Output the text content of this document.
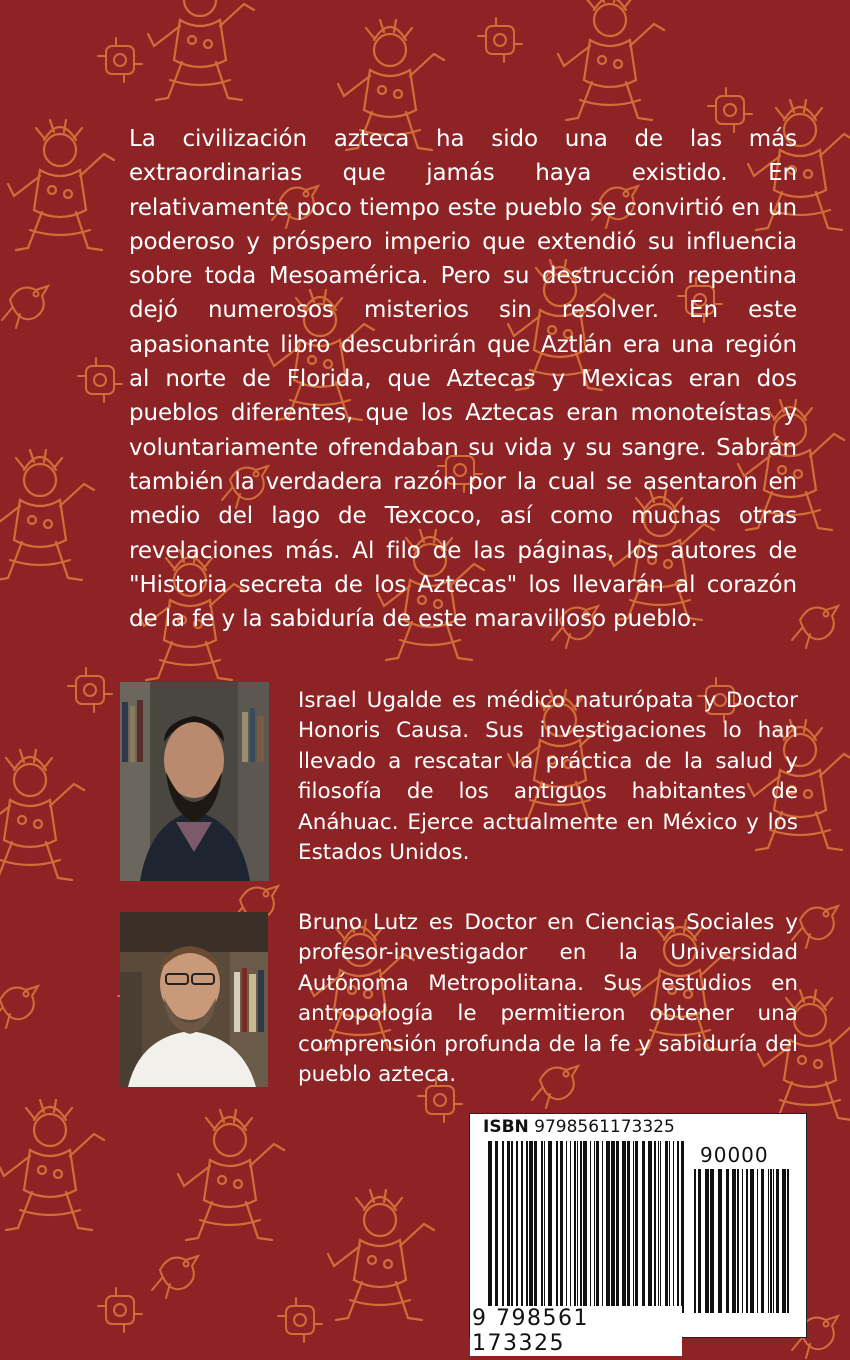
La civilización azteca ha sido una de las más extraordinarias que jamás haya existido. En relativamente poco tiempo este pueblo se convirtió en un poderoso y próspero imperio que extendió su influencia sobre toda Mesoamérica. Pero su destrucción repentina dejó numerosos misterios sin resolver. En este apasionante libro descubrirán que Aztlán era una región al norte de Florida, que Aztecas y Mexicas eran dos pueblos diferentes, que los Aztecas eran monoteístas y voluntariamente ofrendaban su vida y su sangre. Sabrán también la verdadera razón por la cual se asentaron en medio del lago de Texcoco, así como muchas otras revelaciones más. Al filo de las páginas, los autores de "Historia secreta de los Aztecas" los llevarán al corazón de la fe y la sabiduría de este maravilloso pueblo.

Israel Ugalde es médico naturópata y Doctor Honoris Causa. Sus investigaciones lo han llevado a rescatar la práctica de la salud y filosofía de los antiguos habitantes de Anáhuac. Ejerce actualmente en México y los Estados Unidos.

Bruno Lutz es Doctor en Ciencias Sociales y profesor-investigador en la Universidad Autónoma Metropolitana. Sus estudios en antropología le permitieron obtener una comprensión profunda de la fe y sabiduría del pueblo azteca.

ISBN 9798561173325
90000
9 798561 173325
